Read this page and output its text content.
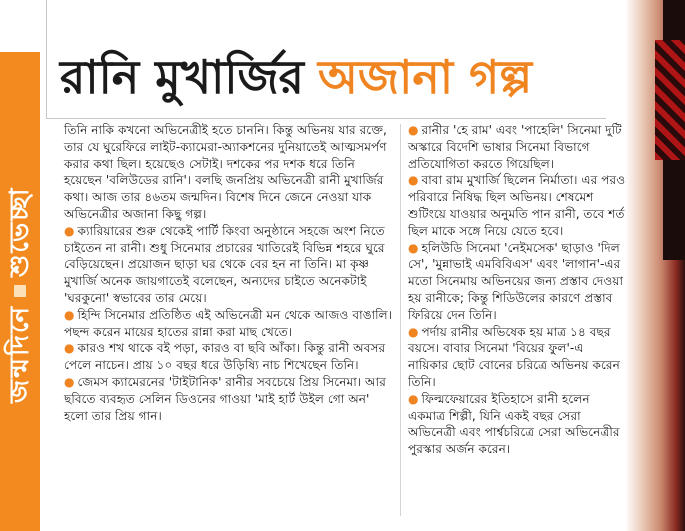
জন্মদিনে
শুভেচ্ছা
রানি মুখার্জির অজানা গল্প

তিনি নাকি কখনো অভিনেত্রীই হতে চাননি। কিন্তু অভিনয় যার রক্তে, তার যে ঘুরেফিরে লাইট-ক্যামেরা-অ্যাকশনের দুনিয়াতেই আত্মসমর্পণ করার কথা ছিল। হয়েছেও সেটাই। দশকের পর দশক ধরে তিনি হয়েছেন 'বলিউডের রানি'। বলছি জনপ্রিয় অভিনেত্রী রানী মুখার্জির কথা। আজ তার ৪৬তম জন্মদিন। বিশেষ দিনে জেনে নেওয়া যাক অভিনেত্রীর অজানা কিছু গল্প।

● ক্যারিয়ারের শুরু থেকেই পার্টি কিংবা অনুষ্ঠানে সহজে অংশ নিতে চাইতেন না রানী। শুধু সিনেমার প্রচারের খাতিরেই বিভিন্ন শহরে ঘুরে বেড়িয়েছেন। প্রয়োজন ছাড়া ঘর থেকে বের হন না তিনি। মা কৃষ্ণ মুখার্জি অনেক জায়গাতেই বলেছেন, অন্যদের চাইতে অনেকটাই 'ঘরকুনো' স্বভাবের তার মেয়ে।

● হিন্দি সিনেমার প্রতিষ্ঠিত এই অভিনেত্রী মন থেকে আজও বাঙালি। পছন্দ করেন মায়ের হাতের রান্না করা মাছ খেতে।

● কারও শখ থাকে বই পড়া, কারও বা ছবি আঁকা। কিন্তু রানী অবসর পেলে নাচেন। প্রায় ১০ বছর ধরে উড়িষ্যি নাচ শিখেছেন তিনি।

● জেমস ক্যামেরনের 'টাইটানিক' রানীর সবচেয়ে প্রিয় সিনেমা। আর ছবিতে ব্যবহৃত সেলিন ডিওনের গাওয়া 'মাই হার্ট উইল গো অন' হলো তার প্রিয় গান।

● রানীর 'হে রাম' এবং 'পাহেলি' সিনেমা দুটি অস্কারে বিদেশি ভাষার সিনেমা বিভাগে প্রতিযোগিতা করতে গিয়েছিল।

● বাবা রাম মুখার্জি ছিলেন নির্মাতা। এর পরও পরিবারে নিষিদ্ধ ছিল অভিনয়। শেষমেশ শুটিংয়ে যাওয়ার অনুমতি পান রানী, তবে শর্ত ছিল মাকে সঙ্গে নিয়ে যেতে হবে।

● হলিউডি সিনেমা 'নেইমসেক' ছাড়াও 'দিল সে', 'মুন্নাভাই এমবিবিএস' এবং 'লাগান'-এর মতো সিনেমায় অভিনয়ের জন্য প্রস্তাব দেওয়া হয় রানীকে; কিন্তু শিডিউলের কারণে প্রস্তাব ফিরিয়ে দেন তিনি।

● পর্দায় রানীর অভিষেক হয় মাত্র ১৪ বছর বয়সে। বাবার সিনেমা 'বিয়ের ফুল'-এ নায়িকার ছোট বোনের চরিত্রে অভিনয় করেন তিনি।

● ফিল্মফেয়ারের ইতিহাসে রানী হলেন একমাত্র শিল্পী, যিনি একই বছর সেরা অভিনেত্রী এবং পার্শ্বচরিত্রে সেরা অভিনেত্রীর পুরস্কার অর্জন করেন।
